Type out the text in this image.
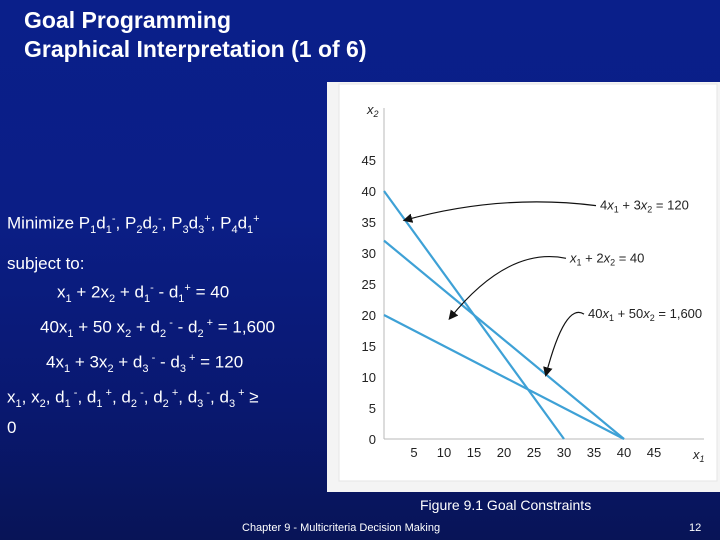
Goal Programming
Graphical Interpretation (1 of 6)
0
5
10
15
20
25
30
35
40
45
5 10 15 20 25 30 35 40 45
$4x_1 + 3x_2 = 120$
$x_1 + 2x_2 = 40$
$40x_1 + 50x_2 = 1,600$
$x_2$
$x_1$
Minimize $P_1d_1^-$, $P_2d_2^-$, $P_3d_3^+$, $P_4d_1^+$
subject to:
$x_1 + 2x_2 + d_1^- - d_1^+ = 40$
$40x_1 + 50$ $x_2 + d_2$ $^- - d_2$ + = 1,600
$4x_1 + 3x_2 + d_3$ $^- - d_3$ + = 120
$x_1$, $x_2$, $d_1$ -, $d_1$ +, $d_2$ -, $d_2$ +, $d_3$ -, $d_3$ + ≥
0
Figure 9.1 Goal Constraints
Chapter 9 - Multicriteria Decision Making	12
